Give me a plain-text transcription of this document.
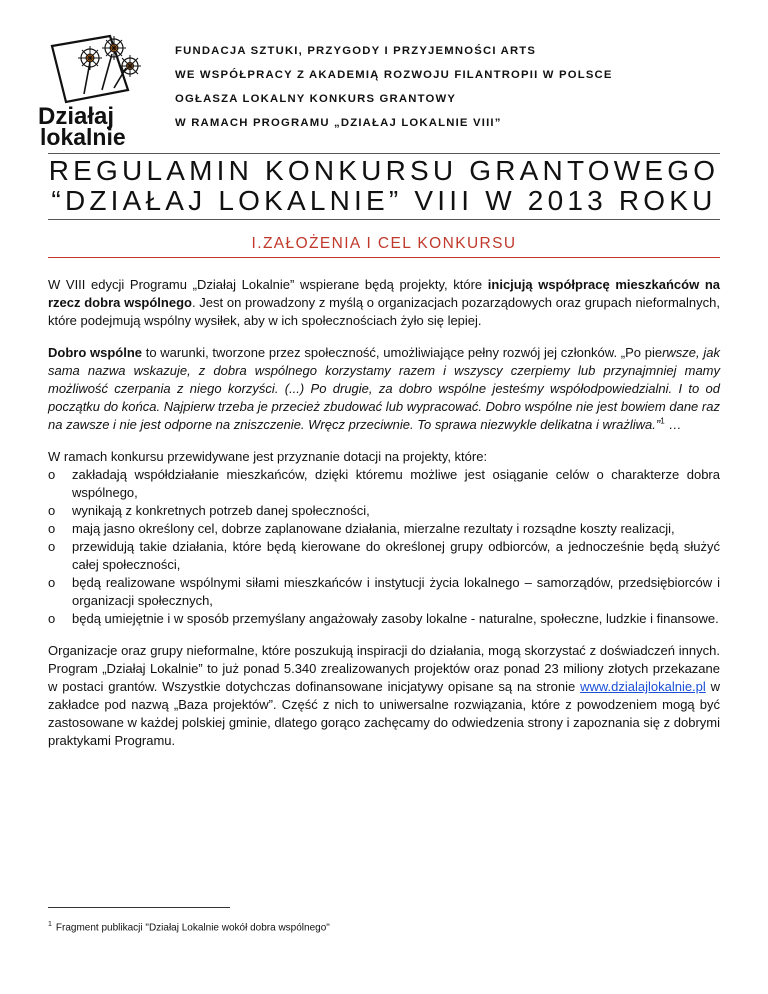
Działaj
lokalnie
FUNDACJA SZTUKI, PRZYGODY I PRZYJEMNOŚCI ARTS
WE WSPÓŁPRACY Z AKADEMIĄ ROZWOJU FILANTROPII W POLSCE
OGŁASZA LOKALNY KONKURS GRANTOWY
W RAMACH PROGRAMU „DZIAŁAJ LOKALNIE VIII”
REGULAMIN KONKURSU GRANTOWEGO
“DZIAŁAJ LOKALNIE” VIII W 2013 ROKU
I.ZAŁOŻENIA I CEL KONKURSU

W VIII edycji Programu „Działaj Lokalnie” wspierane będą projekty, które inicjują współpracę mieszkańców na rzecz dobra wspólnego. Jest on prowadzony z myślą o organizacjach pozarządowych oraz grupach nieformalnych, które podejmują wspólny wysiłek, aby w ich społecznościach żyło się lepiej.

Dobro wspólne to warunki, tworzone przez społeczność, umożliwiające pełny rozwój jej członków. „Po pierwsze, jak sama nazwa wskazuje, z dobra wspólnego korzystamy razem i wszyscy czerpiemy lub przynajmniej mamy możliwość czerpania z niego korzyści. (...) Po drugie, za dobro wspólne jesteśmy współodpowiedzialni. I to od początku do końca. Najpierw trzeba je przecież zbudować lub wypracować. Dobro wspólne nie jest bowiem dane raz na zawsze i nie jest odporne na zniszczenie. Wręcz przeciwnie. To sprawa niezwykle delikatna i wrażliwa.”$^1$ …

W ramach konkursu przewidywane jest przyznanie dotacji na projekty, które:
o zakładają współdziałanie mieszkańców, dzięki któremu możliwe jest osiąganie celów o charakterze dobra wspólnego,
o wynikają z konkretnych potrzeb danej społeczności,
o mają jasno określony cel, dobrze zaplanowane działania, mierzalne rezultaty i rozsądne koszty realizacji,
o przewidują takie działania, które będą kierowane do określonej grupy odbiorców, a jednocześnie będą służyć całej społeczności,
o będą realizowane wspólnymi siłami mieszkańców i instytucji życia lokalnego – samorządów, przedsiębiorców i organizacji społecznych,
o będą umiejętnie i w sposób przemyślany angażowały zasoby lokalne - naturalne, społeczne, ludzkie i finansowe.

Organizacje oraz grupy nieformalne, które poszukują inspiracji do działania, mogą skorzystać z doświadczeń innych. Program „Działaj Lokalnie” to już ponad 5.340 zrealizowanych projektów oraz ponad 23 miliony złotych przekazane w postaci grantów. Wszystkie dotychczas dofinansowane inicjatywy opisane są na stronie www.dzialajlokalnie.pl w zakładce pod nazwą „Baza projektów”. Część z nich to uniwersalne rozwiązania, które z powodzeniem mogą być zastosowane w każdej polskiej gminie, dlatego gorąco zachęcamy do odwiedzenia strony i zapoznania się z dobrymi praktykami Programu.

$^1$ Fragment publikacji "Działaj Lokalnie wokół dobra wspólnego"
